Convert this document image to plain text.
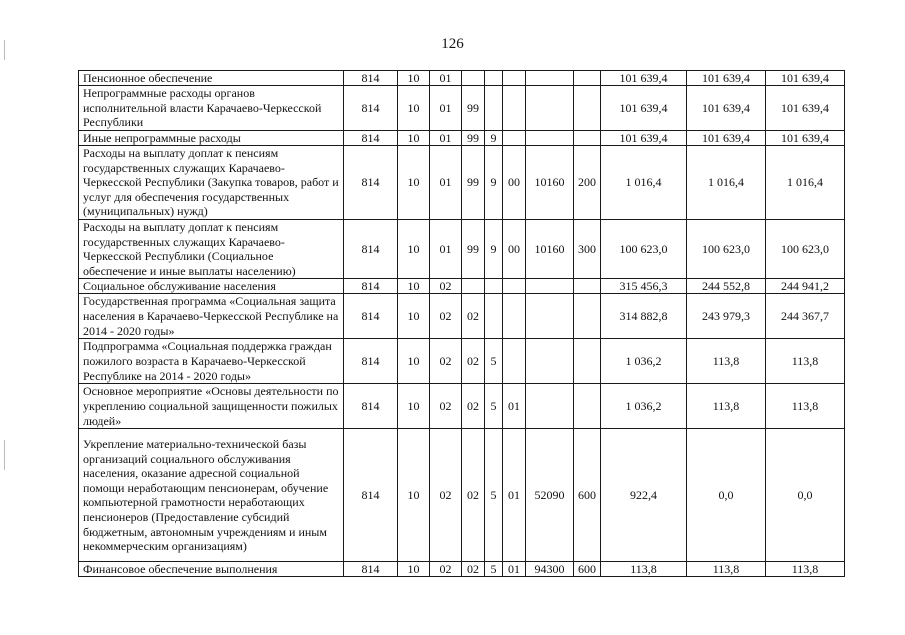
126
Пенсионное обеспечение	814	10	01						101 639,4	101 639,4	101 639,4
Непрограммные расходы органов исполнительной власти Карачаево-Черкесской Республики	814	10	01	99					101 639,4	101 639,4	101 639,4
Иные непрограммные расходы	814	10	01	99	9				101 639,4	101 639,4	101 639,4
Расходы на выплату доплат к пенсиям государственных служащих Карачаево-Черкесской Республики (Закупка товаров, работ и услуг для обеспечения государственных (муниципальных) нужд)	814	10	01	99	9	00	10160	200	1 016,4	1 016,4	1 016,4
Расходы на выплату доплат к пенсиям государственных служащих Карачаево-Черкесской Республики (Социальное обеспечение и иные выплаты населению)	814	10	01	99	9	00	10160	300	100 623,0	100 623,0	100 623,0
Социальное обслуживание населения	814	10	02						315 456,3	244 552,8	244 941,2
Государственная программа «Социальная защита населения в Карачаево-Черкесской Республике на 2014 - 2020 годы»	814	10	02	02					314 882,8	243 979,3	244 367,7
Подпрограмма «Социальная поддержка граждан пожилого возраста в Карачаево-Черкесской Республике на 2014 - 2020 годы»	814	10	02	02	5				1 036,2	113,8	113,8
Основное мероприятие «Основы деятельности по укреплению социальной защищенности пожилых людей»	814	10	02	02	5	01			1 036,2	113,8	113,8
Укрепление материально-технической базы организаций социального обслуживания населения, оказание адресной социальной помощи неработающим пенсионерам, обучение компьютерной грамотности неработающих пенсионеров (Предоставление субсидий бюджетным, автономным учреждениям и иным некоммерческим организациям)	814	10	02	02	5	01	52090	600	922,4	0,0	0,0
Финансовое обеспечение выполнения	814	10	02	02	5	01	94300	600	113,8	113,8	113,8
